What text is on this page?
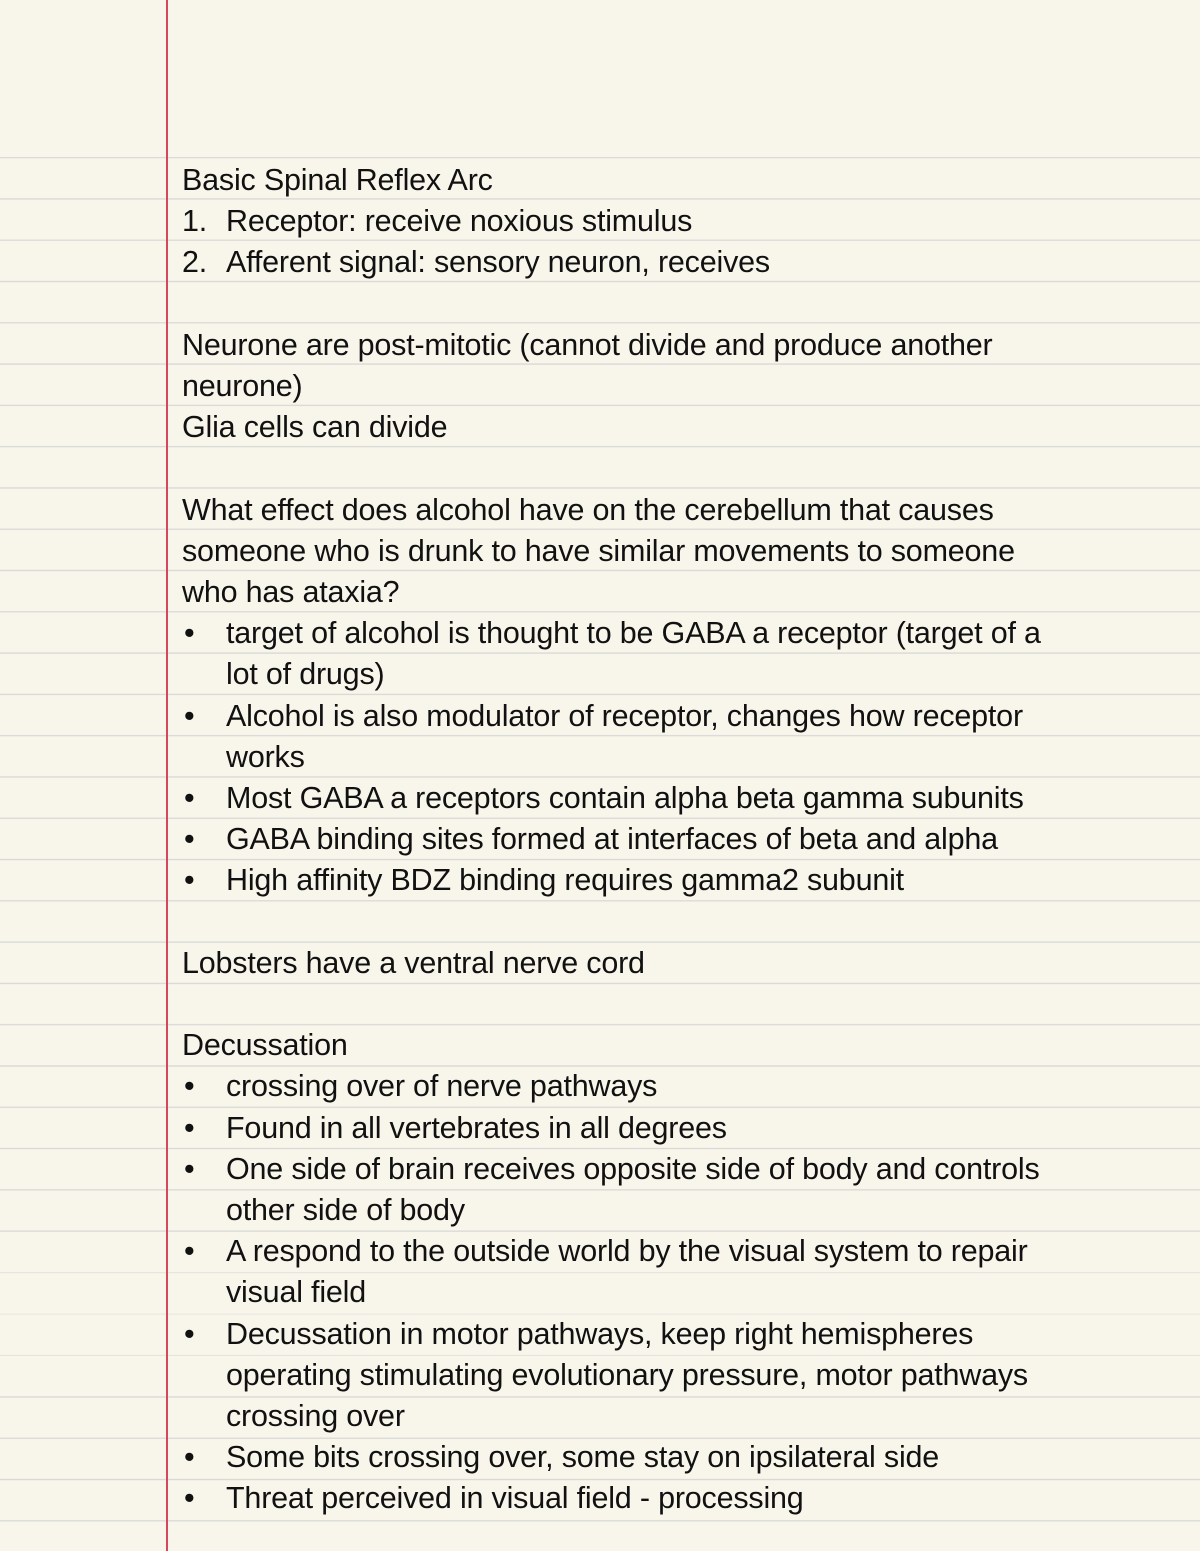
Basic Spinal Reflex Arc
1. Receptor: receive noxious stimulus
2. Afferent signal: sensory neuron, receives
Neurone are post-mitotic (cannot divide and produce another
neurone)
Glia cells can divide
What effect does alcohol have on the cerebellum that causes
someone who is drunk to have similar movements to someone
who has ataxia?
•	target of alcohol is thought to be GABA a receptor (target of a
lot of drugs)
•	Alcohol is also modulator of receptor, changes how receptor
works
•	Most GABA a receptors contain alpha beta gamma subunits
•	GABA binding sites formed at interfaces of beta and alpha
•	High affinity BDZ binding requires gamma2 subunit
Lobsters have a ventral nerve cord
Decussation
•	crossing over of nerve pathways
•	Found in all vertebrates in all degrees
•	One side of brain receives opposite side of body and controls
other side of body
•	A respond to the outside world by the visual system to repair
visual field
•	Decussation in motor pathways, keep right hemispheres
operating stimulating evolutionary pressure, motor pathways
crossing over
•	Some bits crossing over, some stay on ipsilateral side
•	Threat perceived in visual field - processing
